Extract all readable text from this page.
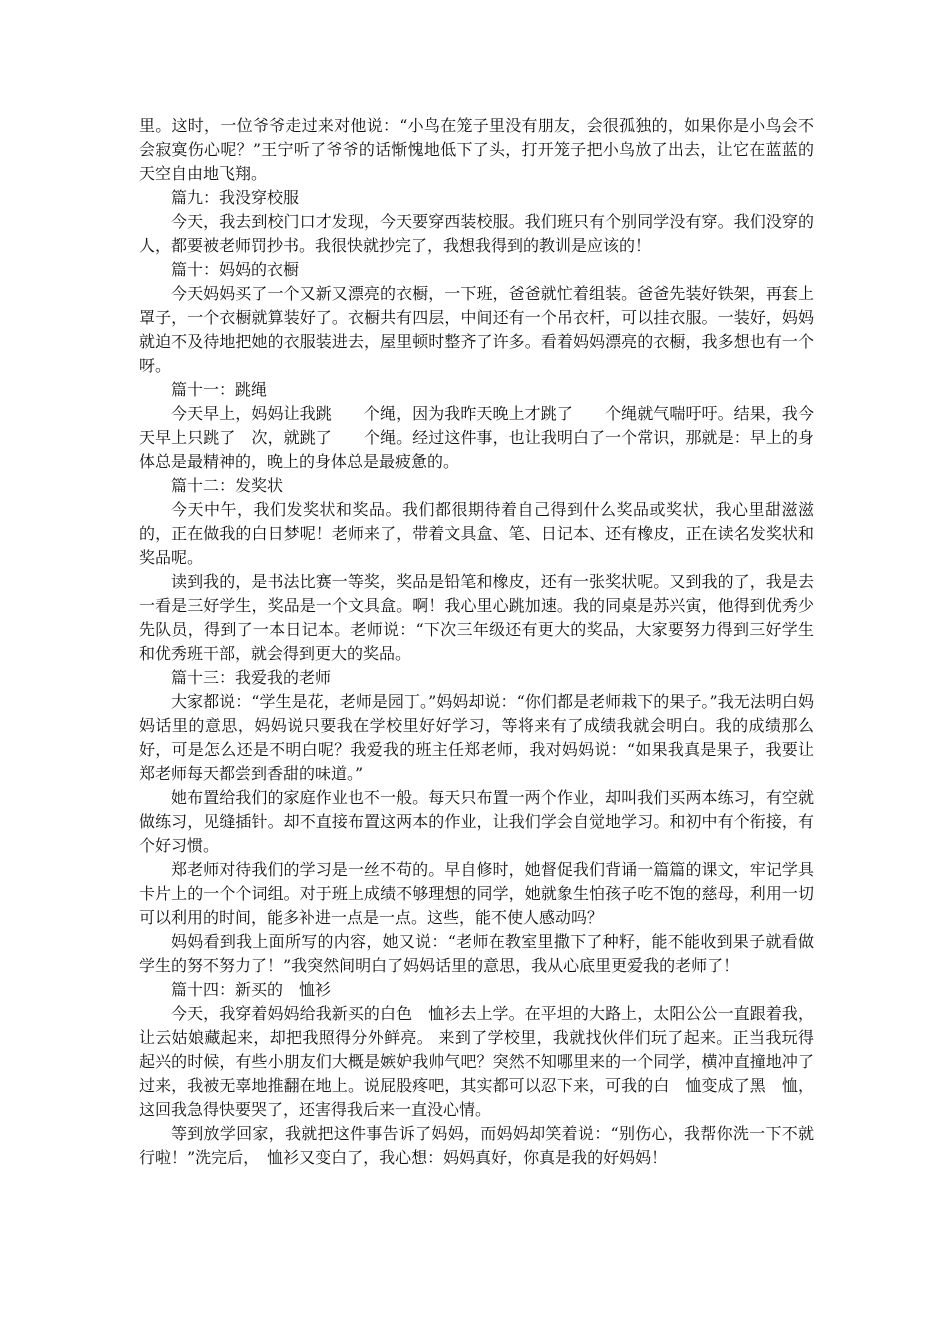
里。这时，一位爷爷走过来对他说：“小鸟在笼子里没有朋友，会很孤独的，如果你是小鸟会不会寂寞伤心呢？”王宁听了爷爷的话惭愧地低下了头，打开笼子把小鸟放了出去，让它在蓝蓝的天空自由地飞翔。

篇九：我没穿校服

今天，我去到校门口才发现，今天要穿西装校服。我们班只有个别同学没有穿。我们没穿的人，都要被老师罚抄书。我很快就抄完了，我想我得到的教训是应该的！

篇十：妈妈的衣橱

今天妈妈买了一个又新又漂亮的衣橱，一下班，爸爸就忙着组装。爸爸先装好铁架，再套上罩子，一个衣橱就算装好了。衣橱共有四层，中间还有一个吊衣杆，可以挂衣服。一装好，妈妈就迫不及待地把她的衣服装进去，屋里顿时整齐了许多。看着妈妈漂亮的衣橱，我多想也有一个呀。

篇十一：跳绳

今天早上，妈妈让我跳　　个绳，因为我昨天晚上才跳了　　个绳就气喘吁吁。结果，我今天早上只跳了　次，就跳了　　个绳。经过这件事，也让我明白了一个常识，那就是：早上的身体总是最精神的，晚上的身体总是最疲惫的。

篇十二：发奖状

今天中午，我们发奖状和奖品。我们都很期待着自己得到什么奖品或奖状，我心里甜滋滋的，正在做我的白日梦呢！老师来了，带着文具盒、笔、日记本、还有橡皮，正在读名发奖状和奖品呢。

读到我的，是书法比赛一等奖，奖品是铅笔和橡皮，还有一张奖状呢。又到我的了，我是去一看是三好学生，奖品是一个文具盒。啊！我心里心跳加速。我的同桌是苏兴寅，他得到优秀少先队员，得到了一本日记本。老师说：“下次三年级还有更大的奖品，大家要努力得到三好学生和优秀班干部，就会得到更大的奖品。

篇十三：我爱我的老师

大家都说：“学生是花，老师是园丁。”妈妈却说：“你们都是老师栽下的果子。”我无法明白妈妈话里的意思，妈妈说只要我在学校里好好学习，等将来有了成绩我就会明白。我的成绩那么好，可是怎么还是不明白呢？我爱我的班主任郑老师，我对妈妈说：“如果我真是果子，我要让郑老师每天都尝到香甜的味道。”

她布置给我们的家庭作业也不一般。每天只布置一两个作业，却叫我们买两本练习，有空就做练习，见缝插针。却不直接布置这两本的作业，让我们学会自觉地学习。和初中有个衔接，有个好习惯。

郑老师对待我们的学习是一丝不苟的。早自修时，她督促我们背诵一篇篇的课文，牢记学具卡片上的一个个词组。对于班上成绩不够理想的同学，她就象生怕孩子吃不饱的慈母，利用一切可以利用的时间，能多补进一点是一点。这些，能不使人感动吗？

妈妈看到我上面所写的内容，她又说：“老师在教室里撒下了种籽，能不能收到果子就看做学生的努不努力了！”我突然间明白了妈妈话里的意思，我从心底里更爱我的老师了！

篇十四：新买的　恤衫

今天，我穿着妈妈给我新买的白色　恤衫去上学。在平坦的大路上，太阳公公一直跟着我，让云姑娘藏起来，却把我照得分外鲜亮。 来到了学校里，我就找伙伴们玩了起来。正当我玩得起兴的时候，有些小朋友们大概是嫉妒我帅气吧？突然不知哪里来的一个同学，横冲直撞地冲了过来，我被无辜地推翻在地上。说屁股疼吧，其实都可以忍下来，可我的白　恤变成了黑　恤，这回我急得快要哭了，还害得我后来一直没心情。

等到放学回家，我就把这件事告诉了妈妈，而妈妈却笑着说：“别伤心，我帮你洗一下不就行啦！”洗完后，　恤衫又变白了，我心想：妈妈真好，你真是我的好妈妈！
